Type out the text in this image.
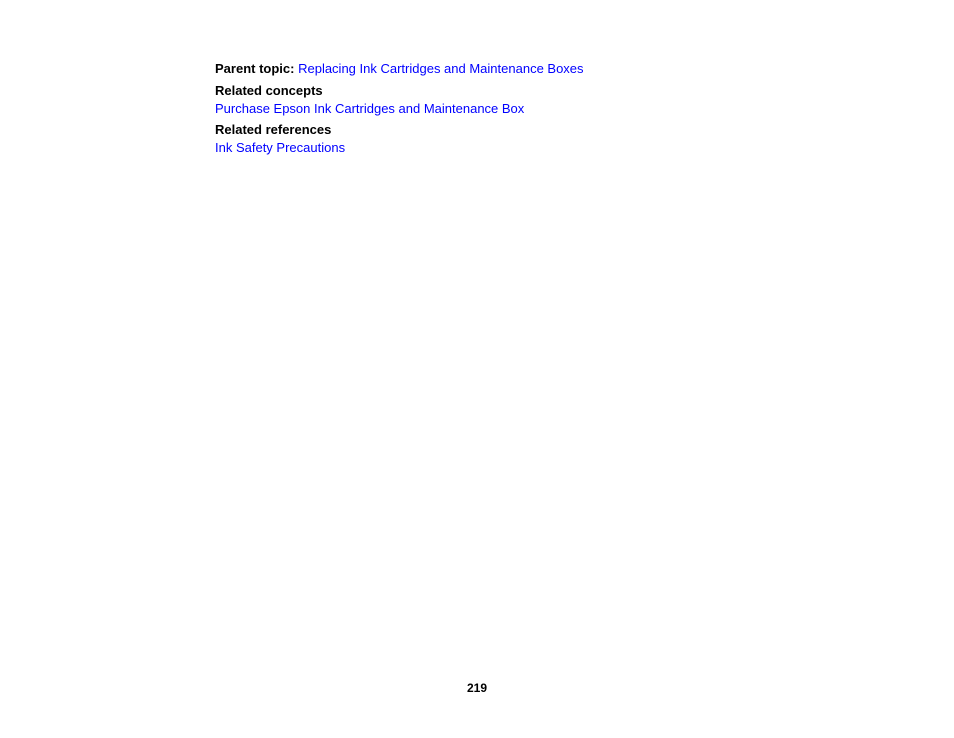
Parent topic: Replacing Ink Cartridges and Maintenance Boxes

Related concepts

Purchase Epson Ink Cartridges and Maintenance Box

Related references

Ink Safety Precautions

219
